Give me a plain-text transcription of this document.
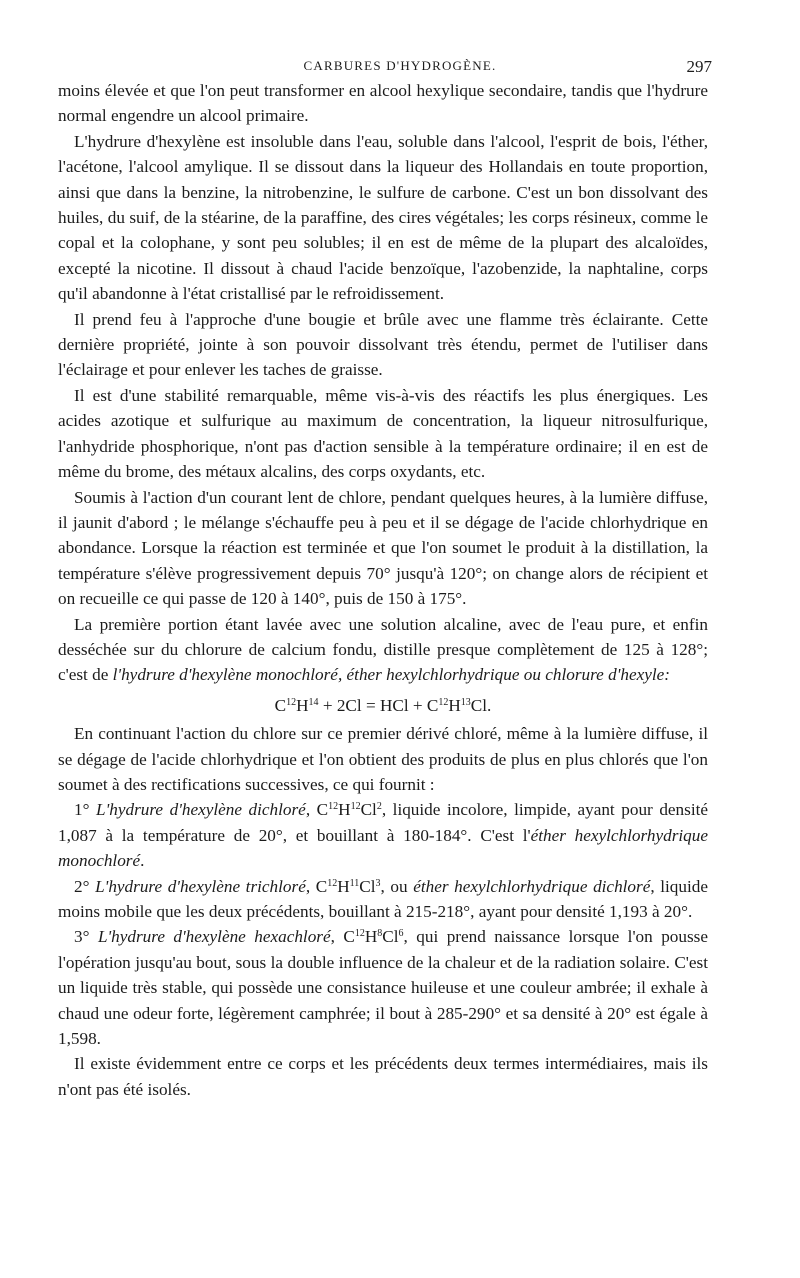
CARBURES D'HYDROGÈNE.	297

moins élevée et que l'on peut transformer en alcool hexylique secondaire, tandis que l'hydrure normal engendre un alcool primaire.

L'hydrure d'hexylène est insoluble dans l'eau, soluble dans l'alcool, l'esprit de bois, l'éther, l'acétone, l'alcool amylique. Il se dissout dans la liqueur des Hollandais en toute proportion, ainsi que dans la benzine, la nitrobenzine, le sulfure de carbone. C'est un bon dissolvant des huiles, du suif, de la stéarine, de la paraffine, des cires végétales; les corps résineux, comme le copal et la colophane, y sont peu solubles; il en est de même de la plupart des alcaloïdes, excepté la nicotine. Il dissout à chaud l'acide benzoïque, l'azobenzide, la naphtaline, corps qu'il abandonne à l'état cristallisé par le refroidissement.

Il prend feu à l'approche d'une bougie et brûle avec une flamme très éclairante. Cette dernière propriété, jointe à son pouvoir dissolvant très étendu, permet de l'utiliser dans l'éclairage et pour enlever les taches de graisse.

Il est d'une stabilité remarquable, même vis-à-vis des réactifs les plus énergiques. Les acides azotique et sulfurique au maximum de concentration, la liqueur nitrosulfurique, l'anhydride phosphorique, n'ont pas d'action sensible à la température ordinaire; il en est de même du brome, des métaux alcalins, des corps oxydants, etc.

Soumis à l'action d'un courant lent de chlore, pendant quelques heures, à la lumière diffuse, il jaunit d'abord ; le mélange s'échauffe peu à peu et il se dégage de l'acide chlorhydrique en abondance. Lorsque la réaction est terminée et que l'on soumet le produit à la distillation, la température s'élève progressivement depuis 70° jusqu'à 120°; on change alors de récipient et on recueille ce qui passe de 120 à 140°, puis de 150 à 175°.

La première portion étant lavée avec une solution alcaline, avec de l'eau pure, et enfin desséchée sur du chlorure de calcium fondu, distille presque complètement de 125 à 128°; c'est de l'hydrure d'hexylène monochloré, éther hexylchlorhydrique ou chlorure d'hexyle:

$C^{12}H^{14} + 2Cl$ = HCl + $C^{12}H^{13}Cl$.

En continuant l'action du chlore sur ce premier dérivé chloré, même à la lumière diffuse, il se dégage de l'acide chlorhydrique et l'on obtient des produits de plus en plus chlorés que l'on soumet à des rectifications successives, ce qui fournit :

1° L'hydrure d'hexylène dichloré, $C^{12}H^{12}Cl^2$, liquide incolore, limpide, ayant pour densité 1,087 à la température de 20°, et bouillant à 180-184°. C'est l'éther hexylchlorhydrique monochloré.

2° L'hydrure d'hexylène trichloré, $C^{12}H^{11}Cl^3$, ou éther hexylchlorhydrique dichloré, liquide moins mobile que les deux précédents, bouillant à 215-218°, ayant pour densité 1,193 à 20°.

3° L'hydrure d'hexylène hexachloré, $C^{12}H^8Cl^6$, qui prend naissance lorsque l'on pousse l'opération jusqu'au bout, sous la double influence de la chaleur et de la radiation solaire. C'est un liquide très stable, qui possède une consistance huileuse et une couleur ambrée; il exhale à chaud une odeur forte, légèrement camphrée; il bout à 285-290° et sa densité à 20° est égale à 1,598.

Il existe évidemment entre ce corps et les précédents deux termes intermédiaires, mais ils n'ont pas été isolés.
